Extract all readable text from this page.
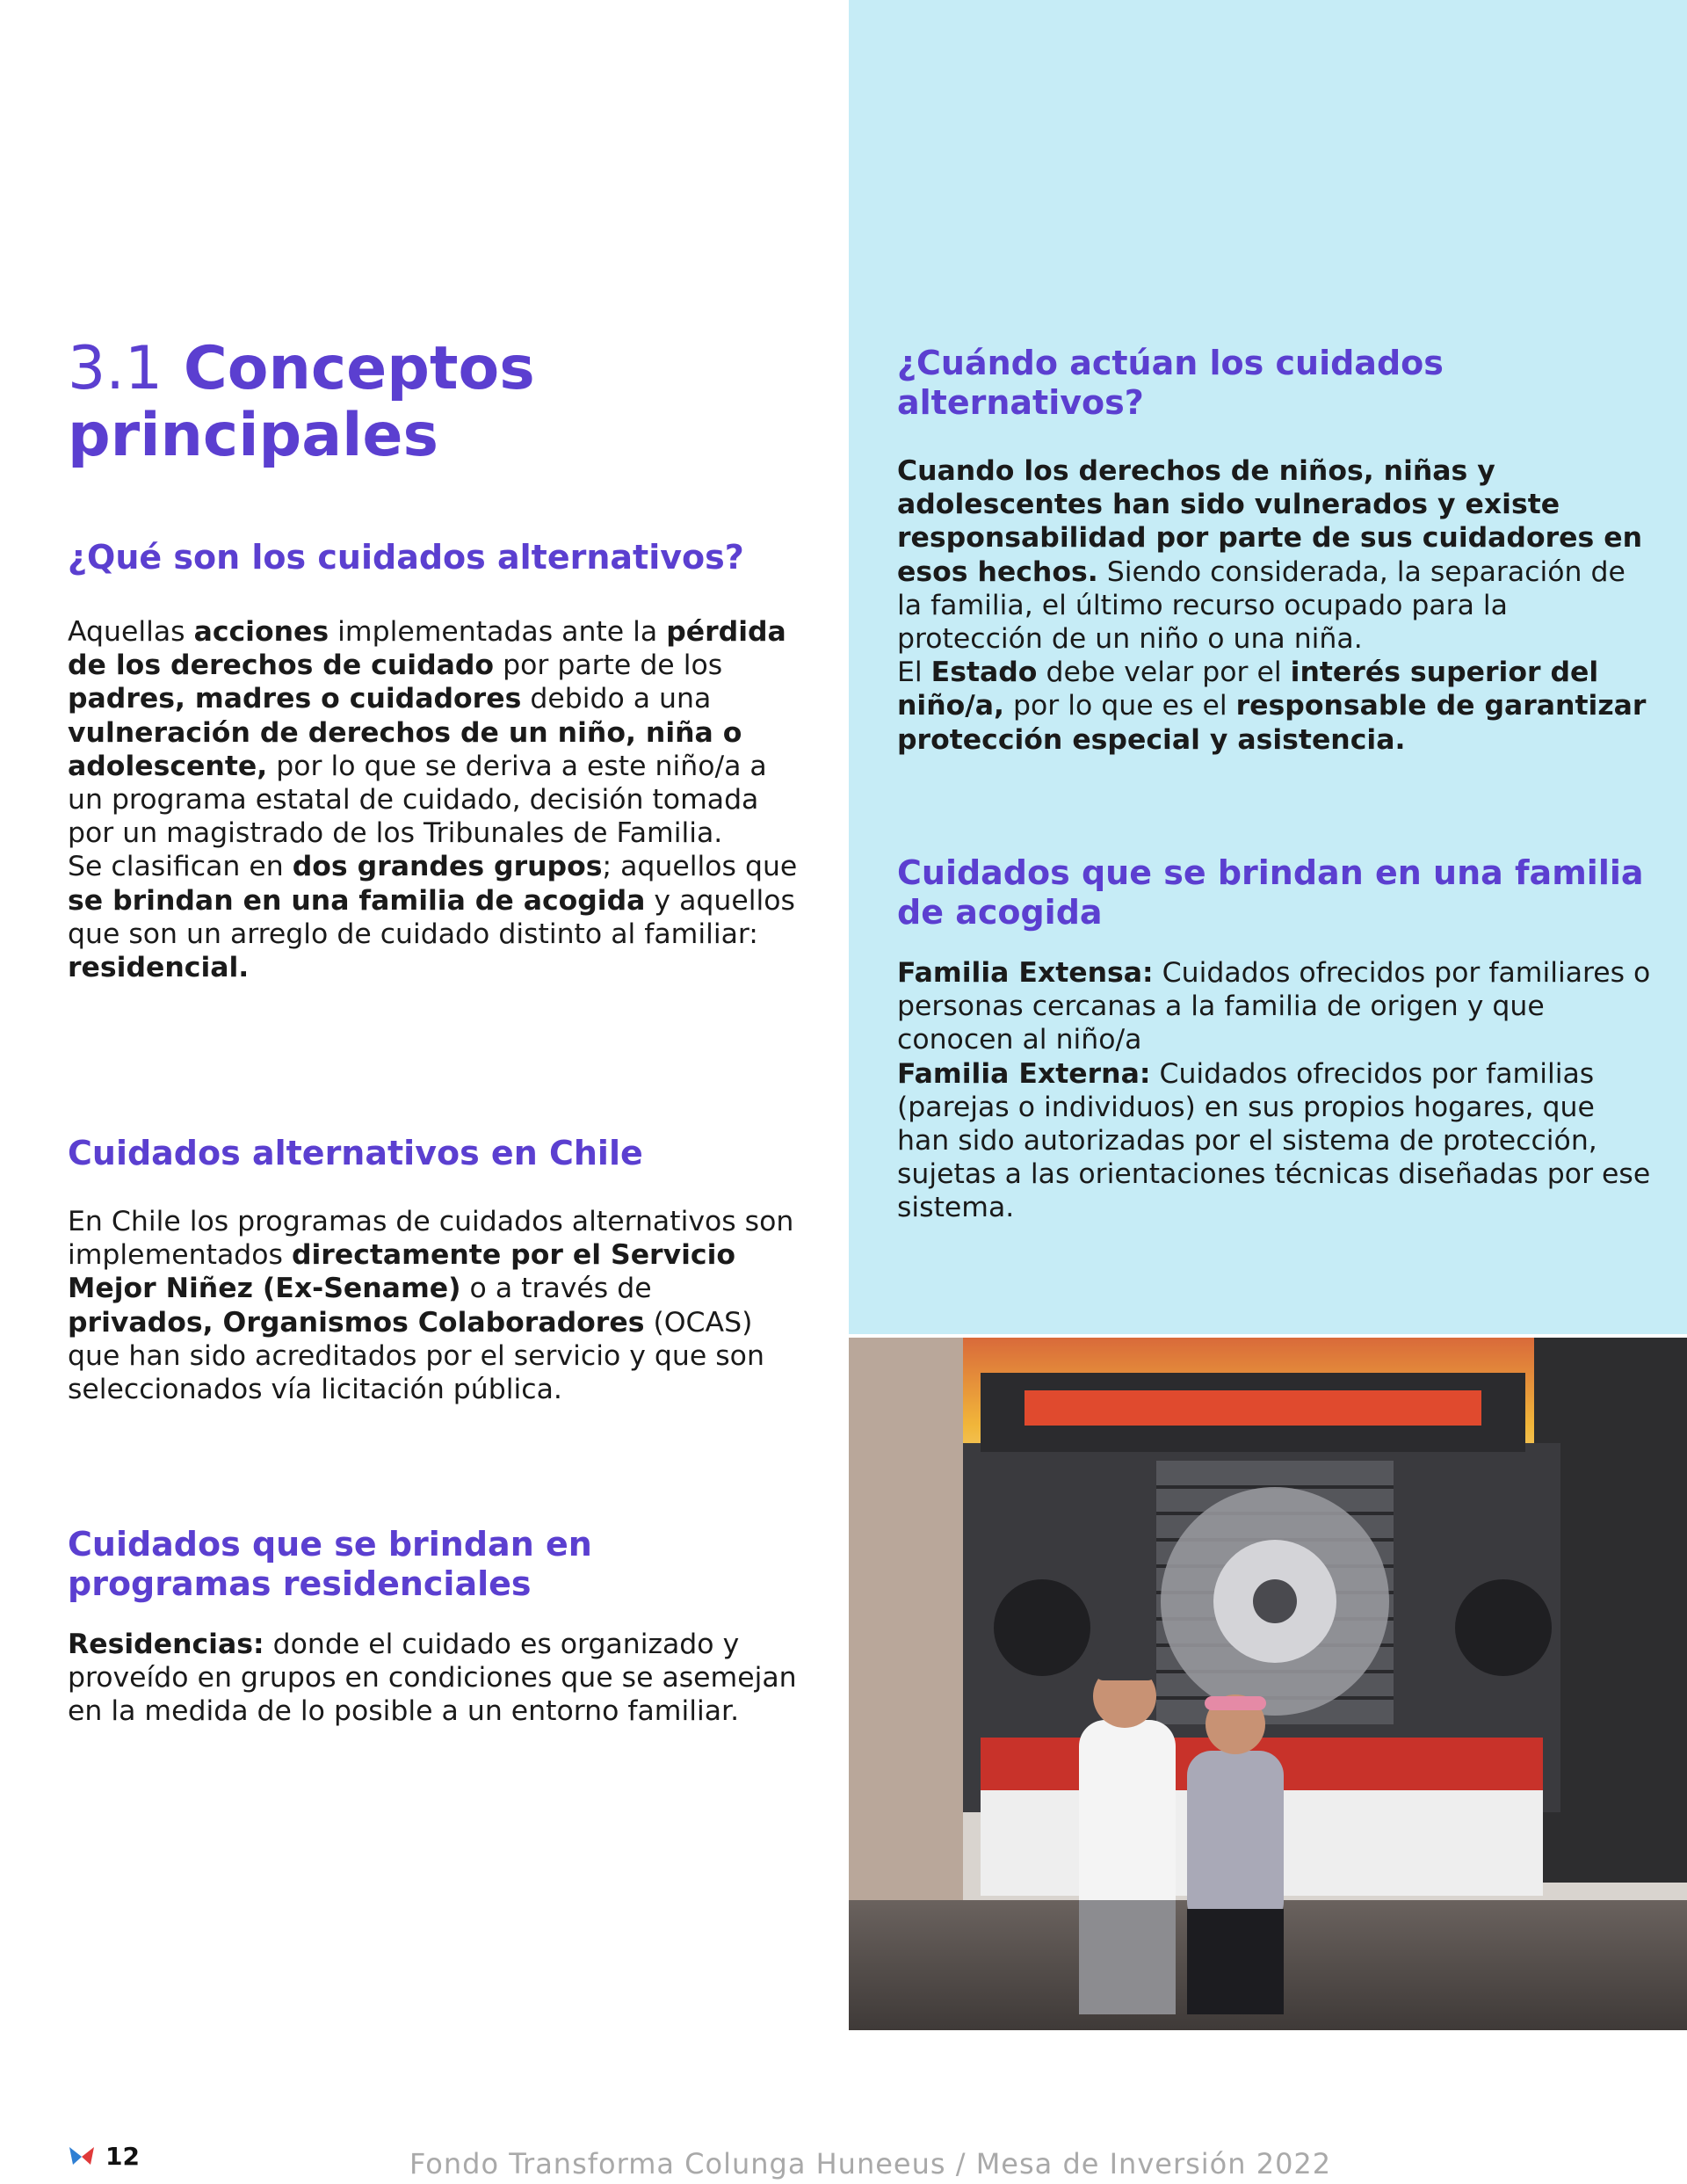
3.1 Conceptos principales
¿Qué son los cuidados alternativos?

Aquellas acciones implementadas ante la pérdida de los derechos de cuidado por parte de los padres, madres o cuidadores debido a una vulneración de derechos de un niño, niña o adolescente, por lo que se deriva a este niño/a a un programa estatal de cuidado, decisión tomada por un magistrado de los Tribunales de Familia.

Se clasifican en dos grandes grupos; aquellos que se brindan en una familia de acogida y aquellos que son un arreglo de cuidado distinto al familiar: residencial.

Cuidados alternativos en Chile

En Chile los programas de cuidados alternativos son implementados directamente por el Servicio Mejor Niñez (Ex-Sename) o a través de privados, Organismos Colaboradores (OCAS) que han sido acreditados por el servicio y que son seleccionados vía licitación pública.

Cuidados que se brindan en programas residenciales

Residencias: donde el cuidado es organizado y proveído en grupos en condiciones que se asemejan en la medida de lo posible a un entorno familiar.

¿Cuándo actúan los cuidados alternativos?

Cuando los derechos de niños, niñas y adolescentes han sido vulnerados y existe responsabilidad por parte de sus cuidadores en esos hechos. Siendo considerada, la separación de la familia, el último recurso ocupado para la protección de un niño o una niña.

El Estado debe velar por el interés superior del niño/a, por lo que es el responsable de garantizar protección especial y asistencia.

Cuidados que se brindan en una familia de acogida

Familia Extensa: Cuidados ofrecidos por familiares o personas cercanas a la familia de origen y que conocen al niño/a

Familia Externa: Cuidados ofrecidos por familias (parejas o individuos) en sus propios hogares, que han sido autorizadas por el sistema de protección, sujetas a las orientaciones técnicas diseñadas por ese sistema.

12	Fondo Transforma Colunga Huneeus / Mesa de Inversión 2022
